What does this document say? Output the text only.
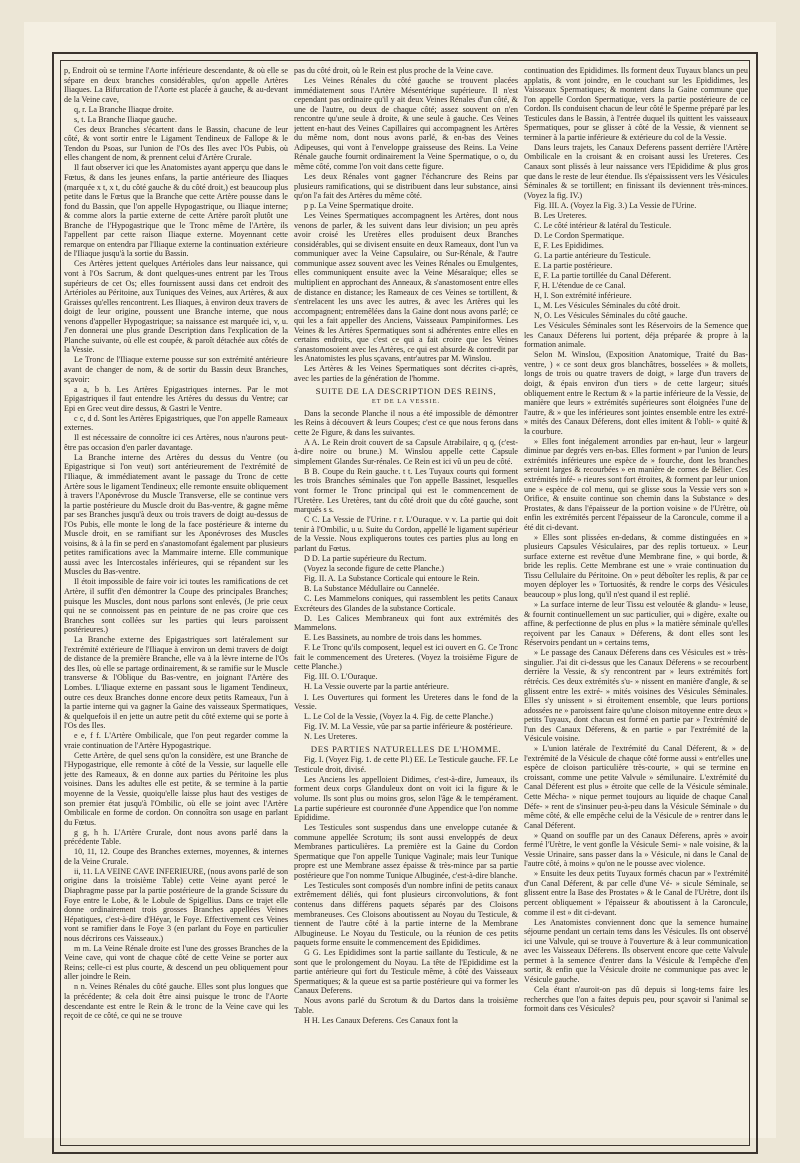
p, Endroit où se termine l'Aorte inférieure descendante, & où elle se sépare en deux branches considérables, qu'on appelle Artères Iliaques. La Bifurcation de l'Aorte est placée à gauche, & au-devant de la Veine cave,

q, r. La Branche Iliaque droite.

s, t. La Branche Iliaque gauche.

Ces deux Branches s'écartent dans le Bassin, chacune de leur côté, & vont sortir entre le Ligament Tendineux de Fallope & le Tendon du Psoas, sur l'union de l'Os des Iles avec l'Os Pubis, où elles changent de nom, & prennent celui d'Artère Crurale.

Il faut observer ici que les Anatomistes ayant apperçu que dans le Fœtus, & dans les jeunes enfans, la partie antérieure des Iliaques (marquée x t, x t, du côté gauche & du côté droit,) est beaucoup plus petite dans le Fœtus que la Branche que cette Artère pousse dans le fond du Bassin, que l'on appelle Hypogastrique, ou Iliaque interne; & comme alors la partie externe de cette Artère paroît plutôt une Branche de l'Hypogastrique que le Tronc même de l'Artère, ils l'appellent par cette raison Iliaque externe. Moyennant cette remarque on entendra par l'Iliaque externe la continuation extérieure de l'Iliaque jusqu'à la sortie du Bassin.

Ces Artères jettent quelques Artérioles dans leur naissance, qui vont à l'Os Sacrum, & dont quelques-unes entrent par les Trous supérieurs de cet Os; elles fournissent aussi dans cet endroit des Artérioles au Péritoine, aux Tuniques des Veines, aux Artères, & aux Graisses qu'elles rencontrent. Les Iliaques, à environ deux travers de doigt de leur origine, poussent une Branche interne, que nous venons d'appeller Hypogastrique; sa naissance est marquée ici, v, u. J'en donnerai une plus grande Description dans l'explication de la Planche suivante, où elle est coupée, & paroît détachée aux côtés de la Vessie.

Le Tronc de l'Iliaque externe pousse sur son extrémité antérieure avant de changer de nom, & de sortir du Bassin deux Branches, sçavoir:

a a, b b. Les Artères Epigastriques internes. Par le mot Epigastriques il faut entendre les Artères du dessus du Ventre; car Epi en Grec veut dire dessus, & Gastri le Ventre.

c c, d d. Sont les Artères Epigastriques, que l'on appelle Rameaux externes.

Il est nécessaire de connoître ici ces Artères, nous n'aurons peut-être pas occasion d'en parler davantage.

La Branche interne des Artères du dessus du Ventre (ou Epigastrique si l'on veut) sort antérieurement de l'extrémité de l'Iliaque, & immédiatement avant le passage du Tronc de cette Artère sous le ligament Tendineux; elle remonte ensuite obliquement à travers l'Aponévrose du Muscle Transverse, elle se continue vers la partie postérieure du Muscle droit du Bas-ventre, & gagne même par ses Branches jusqu'à deux ou trois travers de doigt au-dessus de l'Os Pubis, elle monte le long de la face postérieure & interne du Muscle droit, en se ramifiant sur les Aponévroses des Muscles voisins, & à la fin se perd en s'anastomofant également par plusieurs petites ramifications avec la Mammaire interne. Elle communique aussi avec les Intercostales inférieures, qui se répandent sur les Muscles du Bas-ventre.

Il étoit impossible de faire voir ici toutes les ramifications de cet Artère, il suffit d'en démontrer la Coupe des principales Branches; puisque les Muscles, dont nous parlons sont enlevés, (Je prie ceux qui ne se connoissent pas en peinture de ne pas croire que ces Branches sont collées sur les parties qui leurs paroissent postérieures.)

La Branche externe des Epigastriques sort latéralement sur l'extrémité extérieure de l'Iliaque à environ un demi travers de doigt de distance de la première Branche, elle va à la lèvre interne de l'Os des Iles, où elle se partage ordinairement, & se ramifie sur le Muscle transverse & l'Oblique du Bas-ventre, en joignant l'Artère des Lombes. L'Iliaque externe en passant sous le ligament Tendineux, outre ces deux Branches donne encore deux petits Rameaux, l'un à la partie interne qui va gagner la Gaine des vaisseaux Spermatiques, & quelquefois il en jette un autre petit du côté externe qui se porte à l'Os des Iles.

e e, f f. L'Artère Ombilicale, que l'on peut regarder comme la vraie continuation de l'Artère Hypogastrique.

Cette Artère, de quel sens qu'on la considère, est une Branche de l'Hypogastrique, elle remonte à côté de la Vessie, sur laquelle elle jette des Rameaux, & en donne aux parties du Péritoine les plus voisines. Dans les adultes elle est petite, & se termine à la partie moyenne de la Vessie, quoiqu'elle laisse plus haut des vestiges de son premier état jusqu'à l'Ombilic, où elle se joint avec l'Artère Ombilicale en forme de cordon. On connoîtra son usage en parlant du Fœtus.

g g, h h. L'Artère Crurale, dont nous avons parlé dans la précédente Table.

10, 11, 12. Coupe des Branches externes, moyennes, & internes de la Veine Crurale.

ii, 11. LA VEINE CAVE INFERIEURE, (nous avons parlé de son origine dans la troisième Table) cette Veine ayant percé le Diaphragme passe par la partie postérieure de la grande Scissure du Foye entre le Lobe, & le Lobule de Spigellius. Dans ce trajet elle donne ordinairement trois grosses Branches appellées Veines Hépatiques, c'est-à-dire d'Héyar, le Foye. Effectivement ces Veines vont se ramifier dans le Foye 3 (en parlant du Foye en particulier nous décrirons ces Vaisseaux.)

m m. La Veine Rénale droite est l'une des grosses Branches de la Veine cave, qui vont de chaque côté de cette Veine se porter aux Reins; celle-ci est plus courte, & descend un peu obliquement pour aller joindre le Rein.

n n. Veines Rénales du côté gauche. Elles sont plus longues que la précédente; & cela doit être ainsi puisque le tronc de l'Aorte descendante est entre le Rein & le tronc de la Veine cave qui les reçoit de ce côté, ce qui ne se trouve

pas du côté droit, où le Rein est plus proche de la Veine cave.

Les Veines Rénales du côté gauche se trouvent placées immédiatement sous l'Artère Mésentérique supérieure. Il n'est cependant pas ordinaire qu'il y ait deux Veines Rénales d'un côté, & une de l'autre, ou deux de chaque côté; assez souvent on n'en rencontre qu'une seule à droite, & une seule à gauche. Ces Veines jettent en-haut des Veines Capillaires qui accompagnent les Artères du même nom, dont nous avons parlé, & en-bas des Veines Adipeuses, qui vont à l'enveloppe graisseuse des Reins. La Veine Rénale gauche fournit ordinairement la Veine Spermatique, o o, du même côté, comme l'on voit dans cette figure.

Les deux Rénales vont gagner l'échancrure des Reins par plusieurs ramifications, qui se distribuent dans leur substance, ainsi qu'on l'a fait des Artères du même côté.

p p. La Veine Spermatique droite.

Les Veines Spermatiques accompagnent les Artères, dont nous venons de parler, & les suivent dans leur division; un peu après avoir croisé les Uretères elles produisent deux Branches considérables, qui se divisent ensuite en deux Rameaux, dont l'un va communiquer avec la Veine Capsulaire, ou Sur-Rénale, & l'autre communique assez souvent avec les Veines Rénales ou Emulgentes, elles communiquent ensuite avec la Veine Mésaraïque; elles se multiplient en approchant des Anneaux, & s'anastomosent entre elles de distance en distance; les Rameaux de ces Veines se tortillent, & s'entrelacent les uns avec les autres, & avec les Artères qui les accompagnent; entremêlées dans la Gaine dont nous avons parlé; ce qui les a fait appeller des Anciens, Vaisseaux Pampiniformes. Les Veines & les Artères Spermatiques sont si adhérentes entre elles en certains endroits, que c'est ce qui a fait croire que les Veines s'anastomosoient avec les Artères, ce qui est absurde & contredit par les Anatomistes les plus sçavans, entr'autres par M. Winslou.

Les Artères & les Veines Spermatiques sont décrites ci-après, avec les parties de la génération de l'homme.

SUITE DE LA DESCRIPTION DES REINS,
ET DE LA VESSIE.

Dans la seconde Planche il nous a été impossible de démontrer les Reins à découvert & leurs Coupes; c'est ce que nous ferons dans cette 2e Figure, & dans les suivantes.

A A. Le Rein droit couvert de sa Capsule Atrabilaire, q q, (c'est-à-dire noire ou brune.) M. Winslou appelle cette Capsule simplement Glandes Sur-rénales. Ce Rein est ici vû un peu de côté.

B B. Coupe du Rein gauche. t t. Les Tuyaux courts qui forment les trois Branches séminales que l'on appelle Bassinet, lesquelles vont former le Tronc principal qui est le commencement de l'Uretère. Les Uretères, tant du côté droit que du côté gauche, sont marqués s s.

C C. La Vessie de l'Urine. r r. L'Ouraque. v v. La partie qui doit tenir à l'Ombilic, u u. Suite du Cordon, appellé le ligament supérieur de la Vessie. Nous expliquerons toutes ces parties plus au long en parlant du Fœtus.

D D. La partie supérieure du Rectum.

(Voyez la seconde figure de cette Planche.)

Fig. II. A. La Substance Corticale qui entoure le Rein.

B. La Substance Médullaire ou Cannelée.

C. Les Mammelons coniques, qui rassemblent les petits Canaux Excréteurs des Glandes de la substance Corticale.

D. Les Calices Membraneux qui font aux extrémités des Mammelons.

E. Les Bassinets, au nombre de trois dans les hommes.

F. Le Tronc qu'ils composent, lequel est ici ouvert en G. Ce Tronc fait le commencement des Ureteres. (Voyez la troisième Figure de cette Planche.)

Fig. III. O. L'Ouraque.

H. La Vessie ouverte par la partie antérieure.

I. Les Ouvertures qui forment les Ureteres dans le fond de la Vessie.

L. Le Col de la Vessie, (Voyez la 4. Fig. de cette Planche.)

Fig. IV. M. La Vessie, vûe par sa partie inférieure & postérieure.

N. Les Ureteres.

DES PARTIES NATURELLES DE L'HOMME.

Fig. I. (Voyez Fig. 1. de cette Pl.) EE. Le Testicule gauche. FF. Le Testicule droit, divisé.

Les Anciens les appelloient Didimes, c'est-à-dire, Jumeaux, ils forment deux corps Glanduleux dont on voit ici la figure & le volume. Ils sont plus ou moins gros, selon l'âge & le tempérament. La partie supérieure est couronnée d'une Appendice que l'on nomme Epididime.

Les Testicules sont suspendus dans une enveloppe cutanée & commune appellée Scrotum; ils sont aussi enveloppés de deux Membranes particulières. La première est la Gaine du Cordon Spermatique que l'on appelle Tunique Vaginale; mais leur Tunique propre est une Membrane assez épaisse & très-mince par sa partie postérieure que l'on nomme Tunique Albuginée, c'est-à-dire blanche.

Les Testicules sont composés d'un nombre infini de petits canaux extrêmement déliés, qui font plusieurs circonvolutions, & font contenus dans différens paquets séparés par des Cloisons membraneuses. Ces Cloisons aboutissent au Noyau du Testicule, & tiennent de l'autre côté à la partie interne de la Membrane Albugineuse. Le Noyau du Testicule, ou la réunion de ces petits paquets forme ensuite le commencement des Epididimes.

G G. Les Epididimes sont la partie saillante du Testicule, & ne sont que le prolongement du Noyau. La tête de l'Epididime est la partie antérieure qui fort du Testicule même, à côté des Vaisseaux Spermatiques; & la queue est sa partie postérieure qui va former les Canaux Deferens.

Nous avons parlé du Scrotum & du Dartos dans la troisième Table.

H H. Les Canaux Deferens. Ces Canaux font la

continuation des Epididimes. Ils forment deux Tuyaux blancs un peu applatis, & vont joindre, en le couchant sur les Epididimes, les Vaisseaux Spermatiques; & montent dans la Gaine commune que l'on appelle Cordon Spermatique, vers la partie postérieure de ce Cordon. Ils conduisent chacun de leur côté le Sperme préparé par les Testicules dans le Bassin, à l'entrée duquel ils quittent les vaisseaux Spermatiques, pour se glisser à côté de la Vessie, & viennent se terminer à la partie inférieure & extérieure du col de la Vessie.

Dans leurs trajets, les Canaux Deferens passent derrière l'Artère Ombilicale en la croisant & en croisant aussi les Ureteres. Ces Canaux sont plissés à leur naissance vers l'Epididime & plus gros que dans le reste de leur étendue. Ils s'épaississent vers les Vésicules Séminales & se tortillent; en finissant ils deviennent très-minces. (Voyez la fig. IV.)

Fig. III. A. (Voyez la Fig. 3.) La Vessie de l'Urine.

B. Les Ureteres.

C. Le côté intérieur & latéral du Testicule.

D. Le Cordon Spermatique.

E, F. Les Epididimes.

G. La partie antérieure du Testicule.

E. La partie postérieure.

E, F. La partie tortillée du Canal Déferent.

F, H. L'étendue de ce Canal.

H, I. Son extrémité inférieure.

L, M. Les Vésicules Séminales du côté droit.

N, O. Les Vésicules Séminales du côté gauche.

Les Vésicules Séminales sont les Réservoirs de la Semence que les Canaux Déferens lui portent, déja préparée & propre à la formation animale.

Selon M. Winslou, (Exposition Anatomique, Traité du Bas-ventre, ) « ce sont deux gros blanchâtres, bosselées » & mollets, longs de trois ou quatre travers de doigt, » large d'un travers de doigt, & épais environ d'un tiers » de cette largeur; situés obliquement entre le Rectum & » la partie inférieure de la Vessie, de manière que leurs » extrémités supérieures sont éloignées l'une de l'autre, & » que les inférieures sont jointes ensemble entre les extré- » mités des Canaux Déferens, dont elles imitent & l'obli- » quité & la courbure.

» Elles font inégalement arrondies par en-haut, leur » largeur diminue par degrés vers en-bas. Elles forment » par l'union de leurs extrémités inférieures une espèce de » fourche, dont les branches seroient larges & recourbées » en manière de cornes de Bélier. Ces extrémités infé- » rieures sont fort étroites, & forment par leur union une » espèce de col menu, qui se glisse sous la Vessie vers son » Orifice, & ensuite continue son chemin dans la Substance » des Prostates, & dans l'épaisseur de la portion voisine » de l'Urètre, où enfin les extrémités percent l'épaisseur de la Caroncule, comme il a été dit ci-devant.

» Elles sont plissées en-dedans, & comme distinguées en » plusieurs Capsules Vésiculaires, par des replis tortueux. » Leur surface externe est revêtue d'une Membrane fine, » qui borde, & bride les replis. Cette Membrane est une » vraie continuation du Tissu Cellulaire du Péritoine. On » peut déboîter les replis, & par ce moyen déployer les » Tortuosités, & rendre le corps des Vésicules beaucoup » plus long, qu'il n'est quand il est replié.

» La surface interne de leur Tissu est veloutée & glandu- » leuse, & fournit continuellement un suc particulier, qui » digère, exalte ou affine, & perfectionne de plus en plus » la matière séminale qu'elles reçoivent par les Canaux » Déferens, & dont elles sont les Réservoirs pendant un » certains tems,

» Le passage des Canaux Déferens dans ces Vésicules est » très-singulier. J'ai dit ci-dessus que les Canaux Déferens » se recourbent derrière la Vessie, & s'y rencontrent par » leurs extrémités fort rétrécis. Ces deux extrémités s'u- » nissent en manière d'angle, & se glissent entre les extré- » mités voisines des Vésicules Séminales. Elles s'y unissent » si étroitement ensemble, que leurs portions adossées ne » paroissent faire qu'une cloison mitoyenne entre deux » petits Tuyaux, dont chacun est formé en partie par » l'extrémité de l'un des Canaux Déferens, & en partie » par l'extrémité de la Vésicule voisine.

» L'union latérale de l'extrémité du Canal Déferent, & » de l'extrémité de la Vésicule de chaque côté forme aussi » entr'elles une espèce de cloison particulière très-courte, » qui se termine en croissant, comme une petite Valvule » sémilunaire. L'extrémité du Canal Déferent est plus » étroite que celle de la Vésicule séminale. Cette Mécha- » nique permet toujours au liquide de chaque Canal Défe- » rent de s'insinuer peu-à-peu dans la Vésicule Séminale » du même côté, & elle empêche celui de la Vésicule de » rentrer dans le Canal Déferent.

» Quand on souffle par un des Canaux Déferens, après » avoir fermé l'Urètre, le vent gonfle la Vésicule Semi- » nale voisine, & la Vessie Urinaire, sans passer dans la » Vésicule, ni dans le Canal de l'autre côté, à moins » qu'on ne le pousse avec violence.

» Ensuite les deux petits Tuyaux formés chacun par » l'extrémité d'un Canal Déferent, & par celle d'une Vé- » sicule Séminale, se glissent entre la Base des Prostates » & le Canal de l'Urètre, dont ils percent obliquement » l'épaisseur & aboutissent à la Caroncule, comme il est » dit ci-devant.

Les Anatomistes conviennent donc que la semence humaine séjourne pendant un certain tems dans les Vésicules. Ils ont observé ici une Valvule, qui se trouve à l'ouverture & à leur communication avec les Vaisseaux Déferens. Ils observent encore que cette Valvule permet à la semence d'entrer dans la Vésicule & l'empêche d'en sortir, & enfin que la Vésicule droite ne communique pas avec le Vésicule gauche.

Cela étant n'auroit-on pas dû depuis si long-tems faire les recherches que l'on a faites depuis peu, pour sçavoir si l'animal se formoit dans ces Vésicules?
